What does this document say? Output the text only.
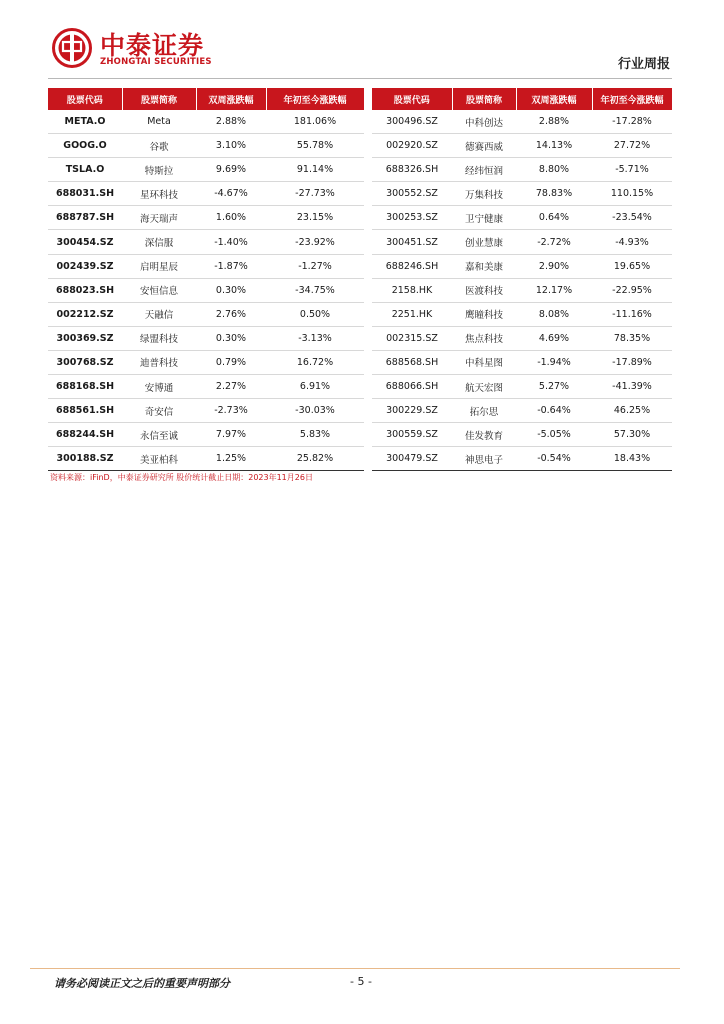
中泰证券
ZHONGTAI SECURITIES	行业周报
股票代码	股票简称	双周涨跌幅	年初至今涨跌幅		股票代码	股票简称	双周涨跌幅	年初至今涨跌幅
META.O	Meta	2.88%	181.06%		300496.SZ	中科创达	2.88%	-17.28%
GOOG.O	谷歌	3.10%	55.78%		002920.SZ	德赛西威	14.13%	27.72%
TSLA.O	特斯拉	9.69%	91.14%		688326.SH	经纬恒润	8.80%	-5.71%
688031.SH	星环科技	-4.67%	-27.73%		300552.SZ	万集科技	78.83%	110.15%
688787.SH	海天瑞声	1.60%	23.15%		300253.SZ	卫宁健康	0.64%	-23.54%
300454.SZ	深信服	-1.40%	-23.92%		300451.SZ	创业慧康	-2.72%	-4.93%
002439.SZ	启明星辰	-1.87%	-1.27%		688246.SH	嘉和美康	2.90%	19.65%
688023.SH	安恒信息	0.30%	-34.75%		2158.HK	医渡科技	12.17%	-22.95%
002212.SZ	天融信	2.76%	0.50%		2251.HK	鹰瞳科技	8.08%	-11.16%
300369.SZ	绿盟科技	0.30%	-3.13%		002315.SZ	焦点科技	4.69%	78.35%
300768.SZ	迪普科技	0.79%	16.72%		688568.SH	中科星图	-1.94%	-17.89%
688168.SH	安博通	2.27%	6.91%		688066.SH	航天宏图	5.27%	-41.39%
688561.SH	奇安信	-2.73%	-30.03%		300229.SZ	拓尔思	-0.64%	46.25%
688244.SH	永信至诚	7.97%	5.83%		300559.SZ	佳发教育	-5.05%	57.30%
300188.SZ	美亚柏科	1.25%	25.82%		300479.SZ	神思电子	-0.54%	18.43%
资料来源：iFinD，中泰证券研究所 股价统计截止日期：2023年11月26日
请务必阅读正文之后的重要声明部分	- 5 -
